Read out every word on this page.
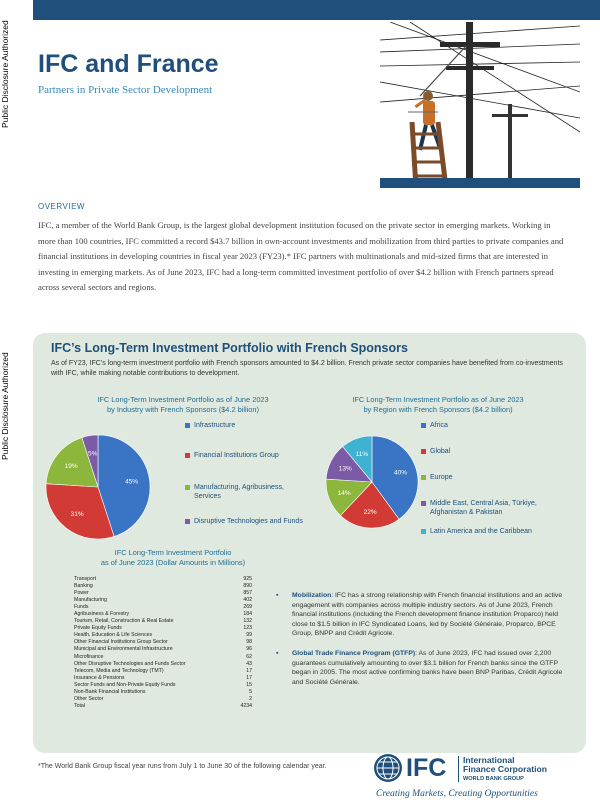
Public Disclosure Authorized
Public Disclosure Authorized
IFC and France
Partners in Private Sector Development
OVERVIEW

IFC, a member of the World Bank Group, is the largest global development institution focused on the private sector in emerging markets. Working in more than 100 countries, IFC committed a record $43.7 billion in own-account investments and mobilization from third parties to private companies and financial institutions in developing countries in fiscal year 2023 (FY23).* IFC partners with multinationals and mid-sized firms that are interested in investing in emerging markets. As of June 2023, IFC had a long-term committed investment portfolio of over $4.2 billion with French partners spread across several sectors and regions.

IFC’s Long-Term Investment Portfolio with French Sponsors

As of FY23, IFC’s long-term investment portfolio with French sponsors amounted to $4.2 billion. French private sector companies have benefited from co-investments with IFC, while making notable contributions to development.

IFC Long-Term Investment Portfolio as of June 2023
by Industry with French Sponsors ($4.2 billion)
45%
31%
19%
5%
Infrastructure
Financial Institutions Group
Manufacturing, Agribusiness,
Services
Disruptive Technologies and Funds
IFC Long-Term Investment Portfolio as of June 2023
by Region with French Sponsors ($4.2 billion)
40%
22%
14%
13%
11%
Africa
Global
Europe
Middle East, Central Asia, Türkiye,
Afghanistan & Pakistan
Latin America and the Caribbean
IFC Long-Term Investment Portfolio
as of June 2023 (Dollar Amounts in Millions)
Transport	925
Banking	890
Power	857
Manufacturing	402
Funds	269
Agribusiness & Forestry	184
Tourism, Retail, Construction & Real Estate	132
Private Equity Funds	123
Health, Education & Life Sciences	99
Other Financial Institutions Group Sector	98
Municipal and Environmental Infrastructure	96
Microfinance	62
Other Disruptive Technologies and Funds Sector	43
Telecom, Media and Technology (TMT)	17
Insurance & Pensions	17
Sector Funds and Non-Private Equity Funds	15
Non-Bank Financial Institutions	5
Other Sector	2
Total	4234
▪ Mobilization: IFC has a strong relationship with French financial institutions and an active engagement with companies across multiple industry sectors. As of June 2023, French financial institutions (including the French development finance institution Proparco) held close to $1.5 billion in IFC Syndicated Loans, led by Société Générale, Proparco, BPCE Group, BNPP and Crédit Agricole.
▪ Global Trade Finance Program (GTFP): As of June 2023, IFC had issued over 2,200 guarantees cumulatively amounting to over $3.1 billion for French banks since the GTFP began in 2005. The most active confirming banks have been BNP Paribas, Crédit Agricole and Société Générale.

*The World Bank Group fiscal year runs from July 1 to June 30 of the following calendar year.	IFC International
Finance Corporation
WORLD BANK GROUP
Creating Markets, Creating Opportunities
